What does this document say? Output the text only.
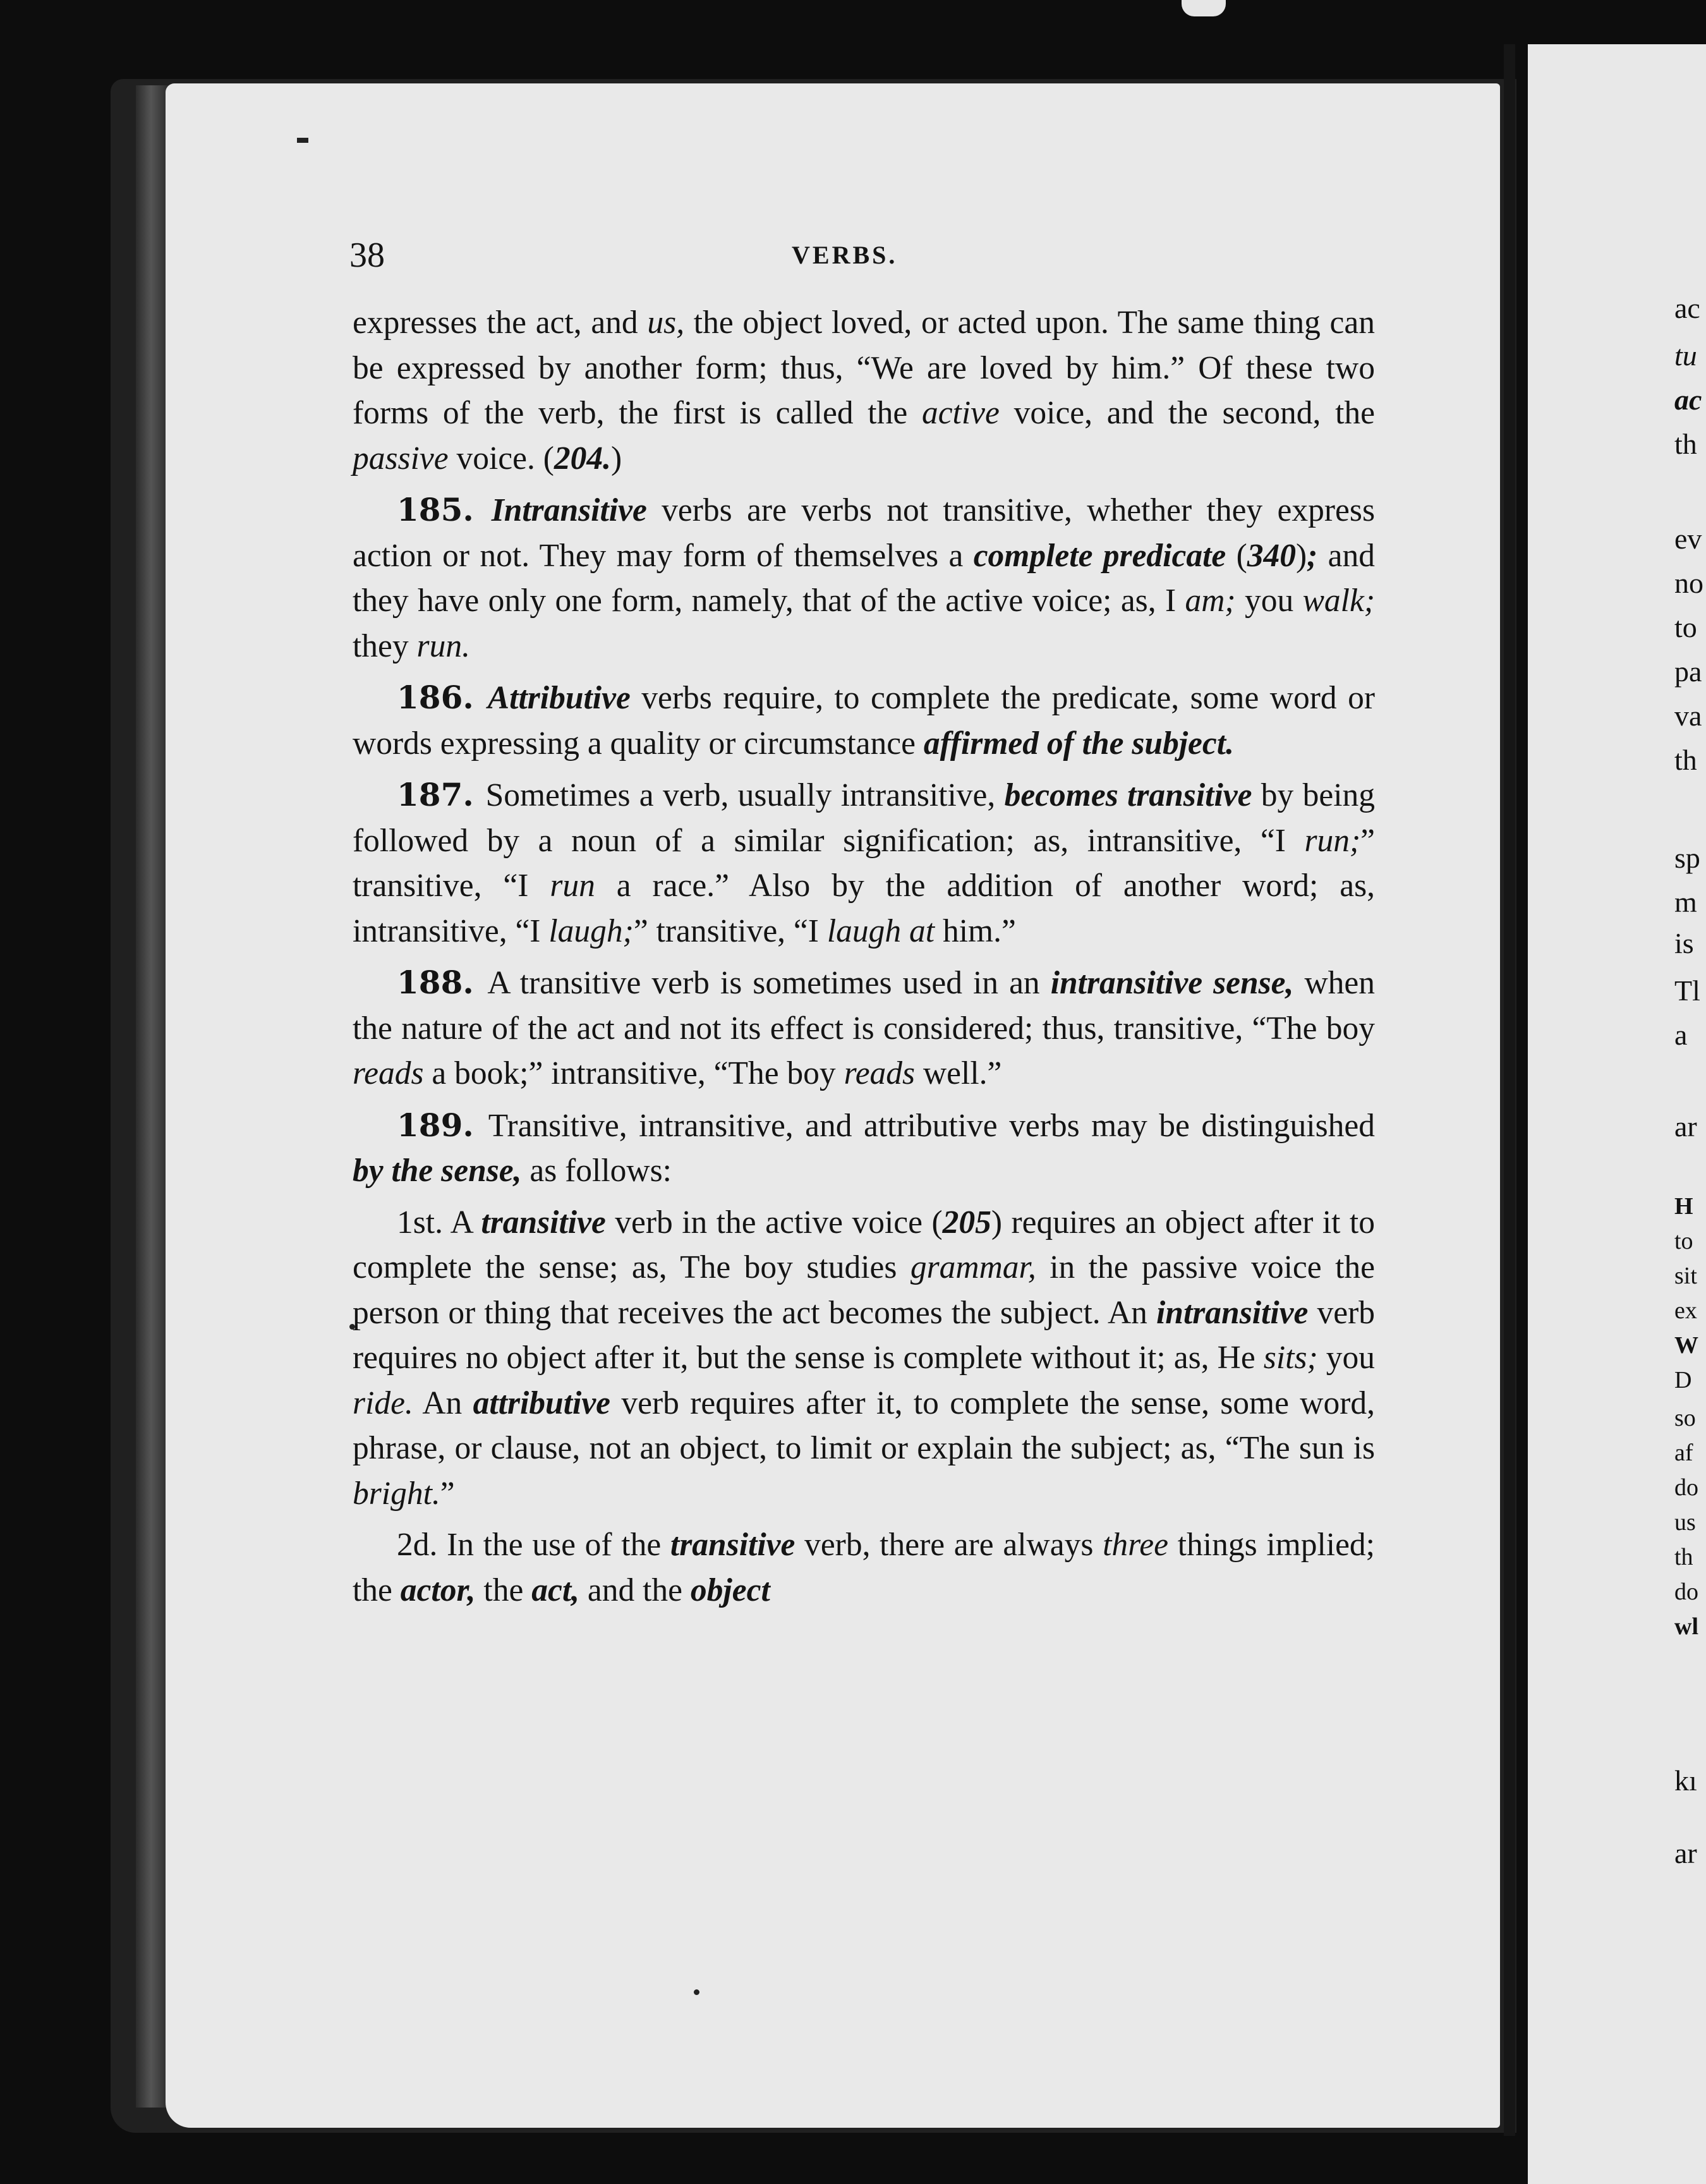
ac
tu
ac
th
ev
no
to
pa
va
th
sp
m
is
Tl
a
ar
H
to
sit
ex
W
D
so
af
do
us
th
do
wl
kı
ar
38	VERBS.

expresses the act, and us, the object loved, or acted upon. The same thing can be expressed by another form; thus, “We are loved by him.” Of these two forms of the verb, the first is called the active voice, and the second, the passive voice. (204.)

185. Intransitive verbs are verbs not transitive, whether they express action or not. They may form of themselves a complete predicate (340); and they have only one form, namely, that of the active voice; as, I am; you walk; they run.

186. Attributive verbs require, to complete the predicate, some word or words expressing a quality or circumstance affirmed of the subject.

187. Sometimes a verb, usually intransitive, becomes transitive by being followed by a noun of a similar signification; as, intransitive, “I run;” transitive, “I run a race.” Also by the addition of another word; as, intransitive, “I laugh;” transitive, “I laugh at him.”

188. A transitive verb is sometimes used in an intransitive sense, when the nature of the act and not its effect is considered; thus, transitive, “The boy reads a book;” intransitive, “The boy reads well.”

189. Transitive, intransitive, and attributive verbs may be distinguished by the sense, as follows:

1st. A transitive verb in the active voice (205) requires an object after it to complete the sense; as, The boy studies grammar, in the passive voice the person or thing that receives the act becomes the subject. An intransitive verb requires no object after it, but the sense is complete without it; as, He sits; you ride. An attributive verb requires after it, to complete the sense, some word, phrase, or clause, not an object, to limit or explain the subject; as, “The sun is bright.”

2d. In the use of the transitive verb, there are always three things implied; the actor, the act, and the object
